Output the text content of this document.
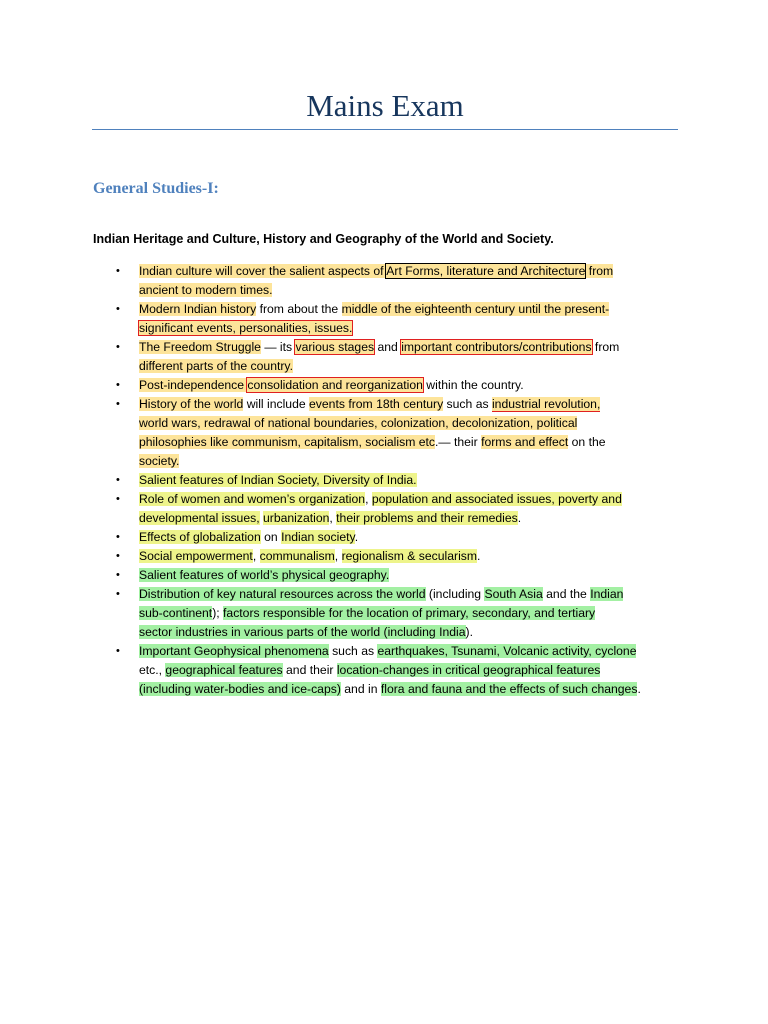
Mains Exam
General Studies-I:
Indian Heritage and Culture, History and Geography of the World and Society.
• Indian culture will cover the salient aspects of Art Forms, literature and Architecture from
ancient to modern times.
• Modern Indian history from about the middle of the eighteenth century until the present-
significant events, personalities, issues.
• The Freedom Struggle — its various stages and important contributors/contributions from
different parts of the country.
• Post-independence consolidation and reorganization within the country.
• History of the world will include events from 18th century such as industrial revolution,
world wars, redrawal of national boundaries, colonization, decolonization, political
philosophies like communism, capitalism, socialism etc.— their forms and effect on the
society.
• Salient features of Indian Society, Diversity of India.
• Role of women and women’s organization, population and associated issues, poverty and
developmental issues, urbanization, their problems and their remedies.
• Effects of globalization on Indian society.
• Social empowerment, communalism, regionalism & secularism.
• Salient features of world’s physical geography.
• Distribution of key natural resources across the world (including South Asia and the Indian
sub-continent); factors responsible for the location of primary, secondary, and tertiary
sector industries in various parts of the world (including India).
• Important Geophysical phenomena such as earthquakes, Tsunami, Volcanic activity, cyclone
etc., geographical features and their location-changes in critical geographical features
(including water-bodies and ice-caps) and in flora and fauna and the effects of such changes.
